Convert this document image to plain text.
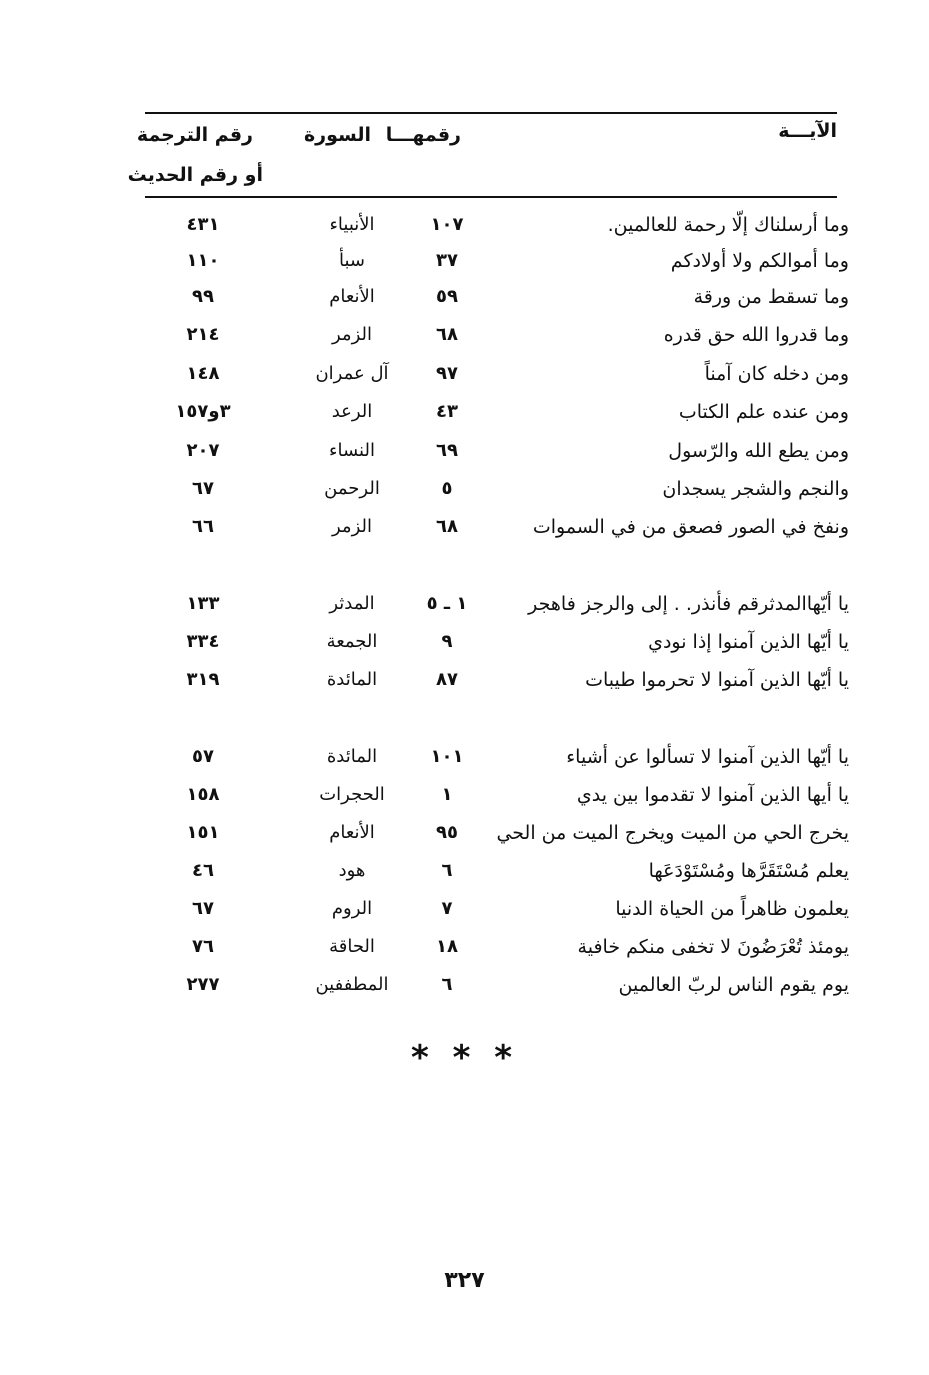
الآيـــة
رقمهـــا
السورة
رقم الترجمة
أو رقم الحديث
وما أرسلناك إلّا رحمة للعالمين.
١٠٧
الأنبياء
٤٣١
وما أموالكم ولا أولادكم
٣٧
سبأ
١١٠
وما تسقط من ورقة
٥٩
الأنعام
٩٩
وما قدروا الله حق قدره
٦٨
الزمر
٢١٤
ومن دخله كان آمناً
٩٧
آل عمران
١٤٨
ومن عنده علم الكتاب
٤٣
الرعد
٣و١٥٧
ومن يطع الله والرّسول
٦٩
النساء
٢٠٧
والنجم والشجر يسجدان
٥
الرحمن
٦٧
ونفخ في الصور فصعق من في السموات
٦٨
الزمر
٦٦
يا أيّهاالمدثرقم فأنذر. . إلى والرجز فاهجر
١ ـ ٥
المدثر
١٣٣
يا أيّها الذين آمنوا إذا نودي
٩
الجمعة
٣٣٤
يا أيّها الذين آمنوا لا تحرموا طيبات
٨٧
المائدة
٣١٩
يا أيّها الذين آمنوا لا تسألوا عن أشياء
١٠١
المائدة
٥٧
يا أيها الذين آمنوا لا تقدموا بين يدي
١
الحجرات
١٥٨
يخرج الحي من الميت ويخرج الميت من الحي
٩٥
الأنعام
١٥١
يعلم مُسْتَقَرَّها ومُسْتَوْدَعَها
٦
هود
٤٦
يعلمون ظاهراً من الحياة الدنيا
٧
الروم
٦٧
يومئذ تُعْرَضُونَ لا تخفى منكم خافية
١٨
الحاقة
٧٦
يوم يقوم الناس لربّ العالمين
٦
المطففين
٢٧٧
* * *
٣٢٧
